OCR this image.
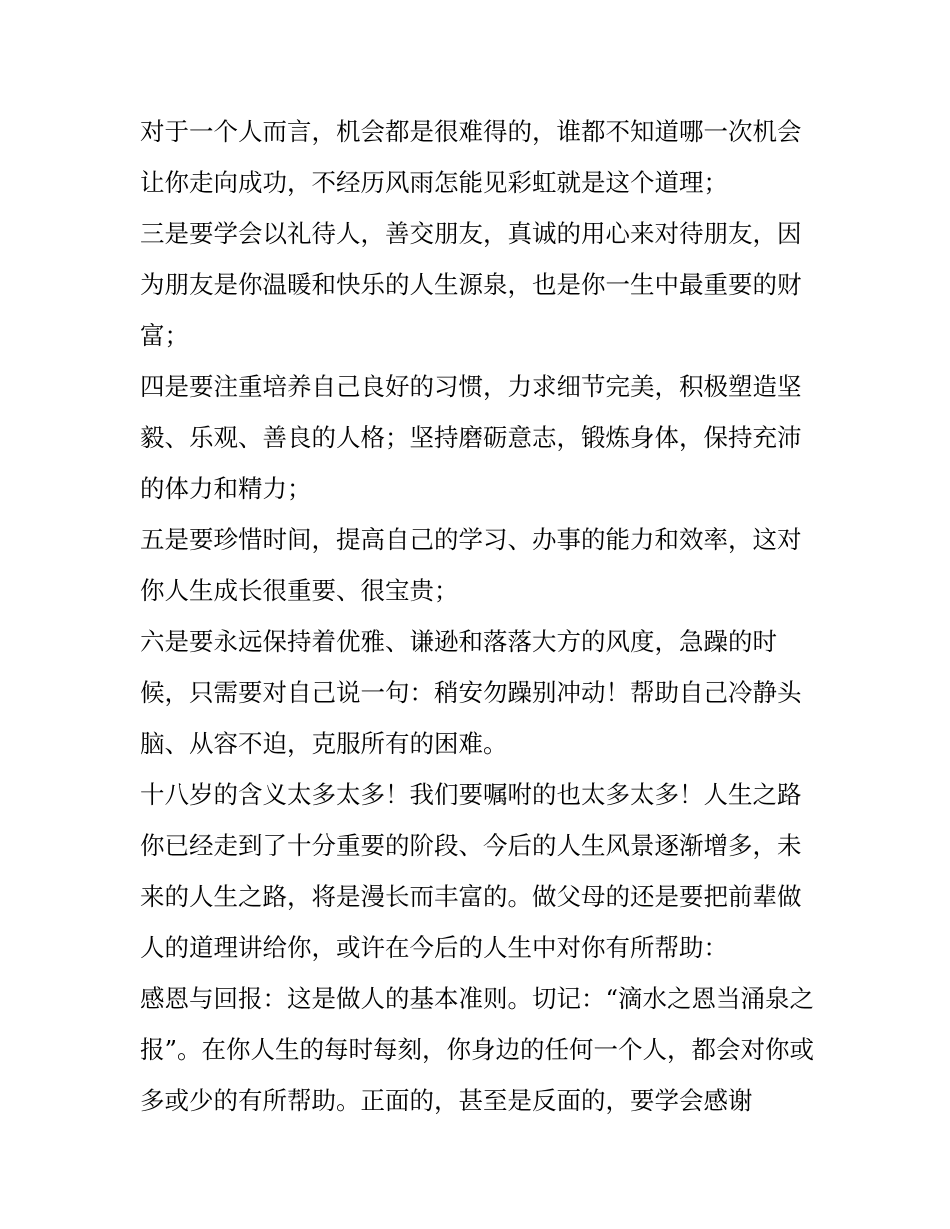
对于一个人而言，机会都是很难得的，谁都不知道哪一次机会让你走向成功，不经历风雨怎能见彩虹就是这个道理；

三是要学会以礼待人，善交朋友，真诚的用心来对待朋友，因为朋友是你温暖和快乐的人生源泉，也是你一生中最重要的财富；

四是要注重培养自己良好的习惯，力求细节完美，积极塑造坚毅、乐观、善良的人格；坚持磨砺意志，锻炼身体，保持充沛的体力和精力；

五是要珍惜时间，提高自己的学习、办事的能力和效率，这对你人生成长很重要、很宝贵；

六是要永远保持着优雅、谦逊和落落大方的风度，急躁的时候，只需要对自己说一句：稍安勿躁别冲动！帮助自己冷静头脑、从容不迫，克服所有的困难。

十八岁的含义太多太多！我们要嘱咐的也太多太多！人生之路你已经走到了十分重要的阶段、今后的人生风景逐渐增多，未来的人生之路，将是漫长而丰富的。做父母的还是要把前辈做人的道理讲给你，或许在今后的人生中对你有所帮助：

感恩与回报：这是做人的基本准则。切记：“滴水之恩当涌泉之报”。在你人生的每时每刻，你身边的任何一个人，都会对你或多或少的有所帮助。正面的，甚至是反面的，要学会感谢
